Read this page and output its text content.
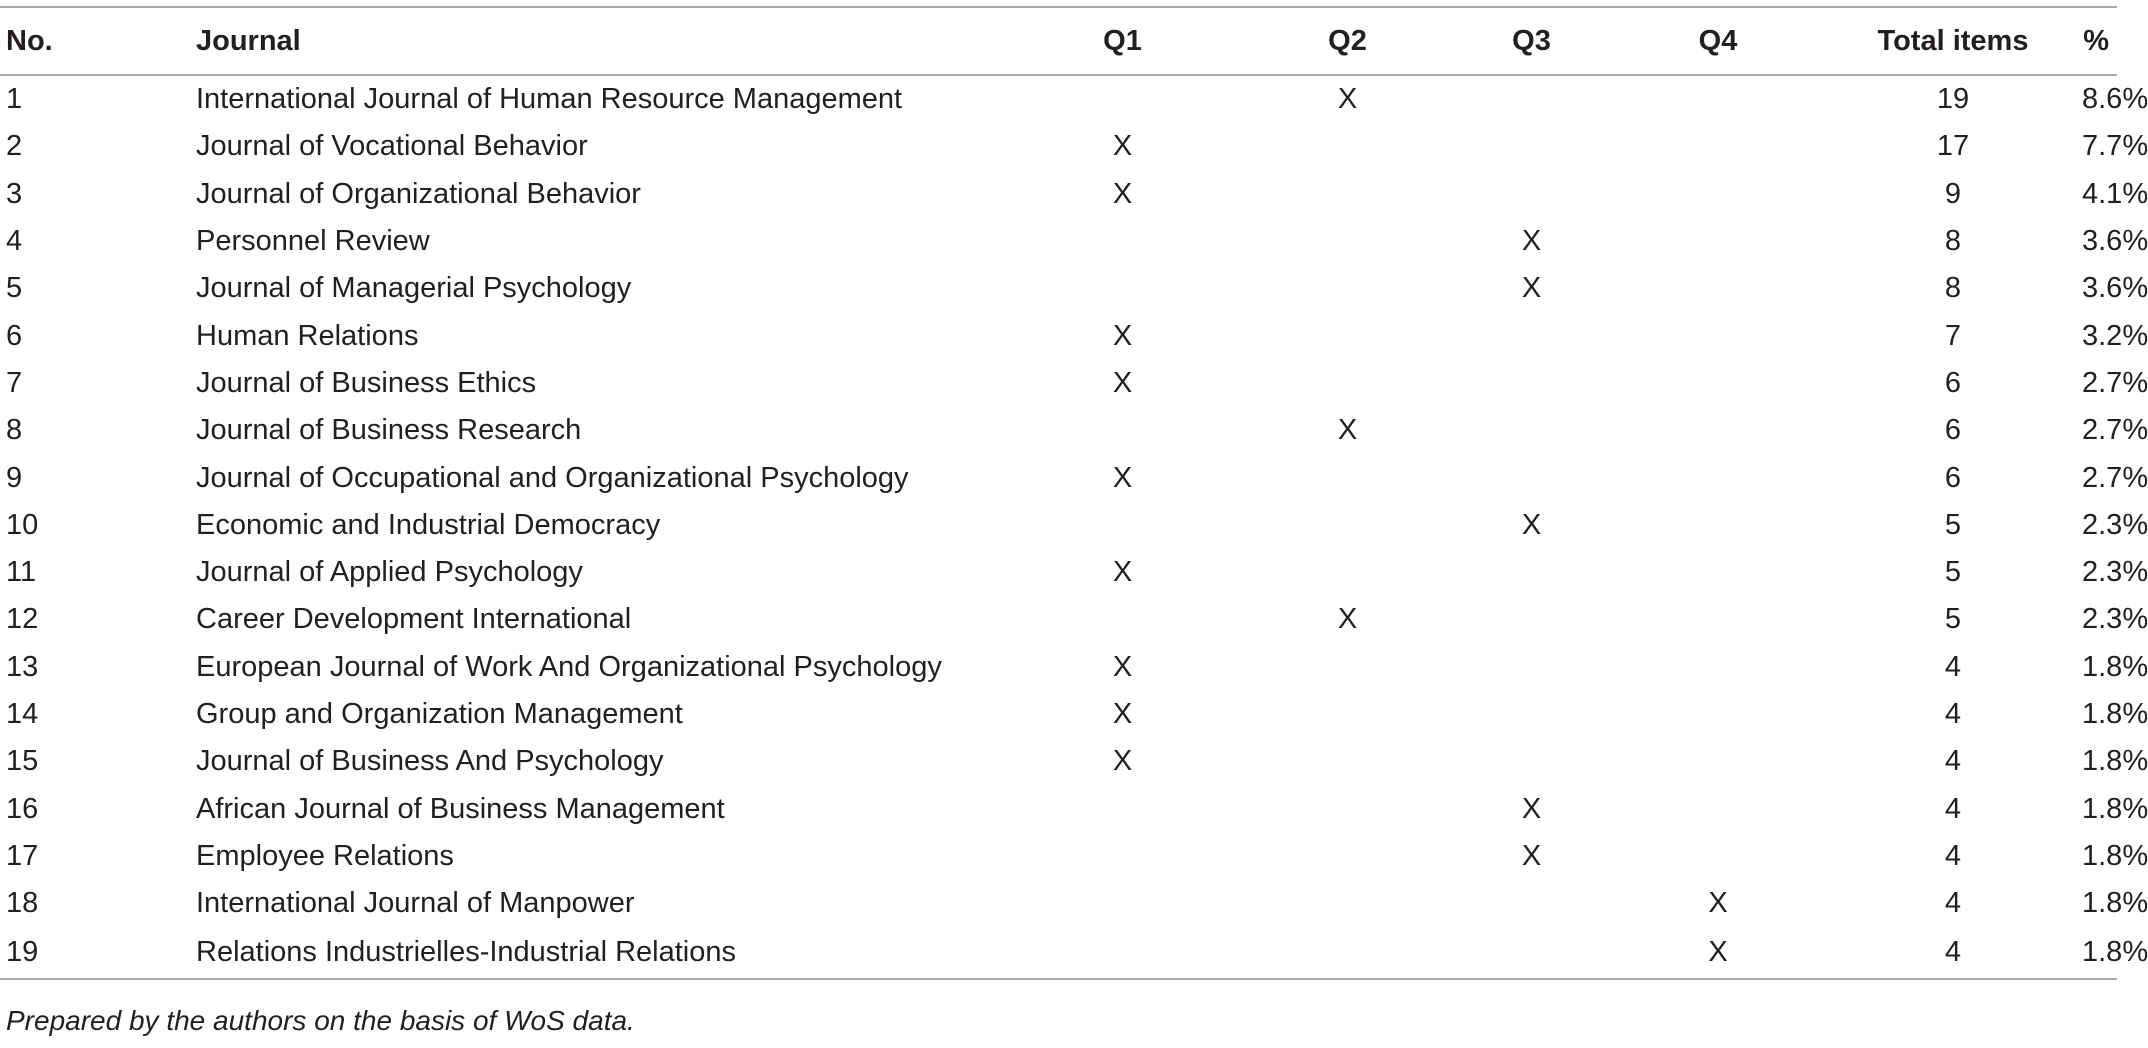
No.	Journal	Q1	Q2	Q3	Q4	Total items	%
1	International Journal of Human Resource Management		X			19	8.6%
2	Journal of Vocational Behavior	X				17	7.7%
3	Journal of Organizational Behavior	X				9	4.1%
4	Personnel Review			X		8	3.6%
5	Journal of Managerial Psychology			X		8	3.6%
6	Human Relations	X				7	3.2%
7	Journal of Business Ethics	X				6	2.7%
8	Journal of Business Research		X			6	2.7%
9	Journal of Occupational and Organizational Psychology	X				6	2.7%
10	Economic and Industrial Democracy			X		5	2.3%
11	Journal of Applied Psychology	X				5	2.3%
12	Career Development International		X			5	2.3%
13	European Journal of Work And Organizational Psychology	X				4	1.8%
14	Group and Organization Management	X				4	1.8%
15	Journal of Business And Psychology	X				4	1.8%
16	African Journal of Business Management			X		4	1.8%
17	Employee Relations			X		4	1.8%
18	International Journal of Manpower				X	4	1.8%
19	Relations Industrielles-Industrial Relations				X	4	1.8%
Prepared by the authors on the basis of WoS data.
